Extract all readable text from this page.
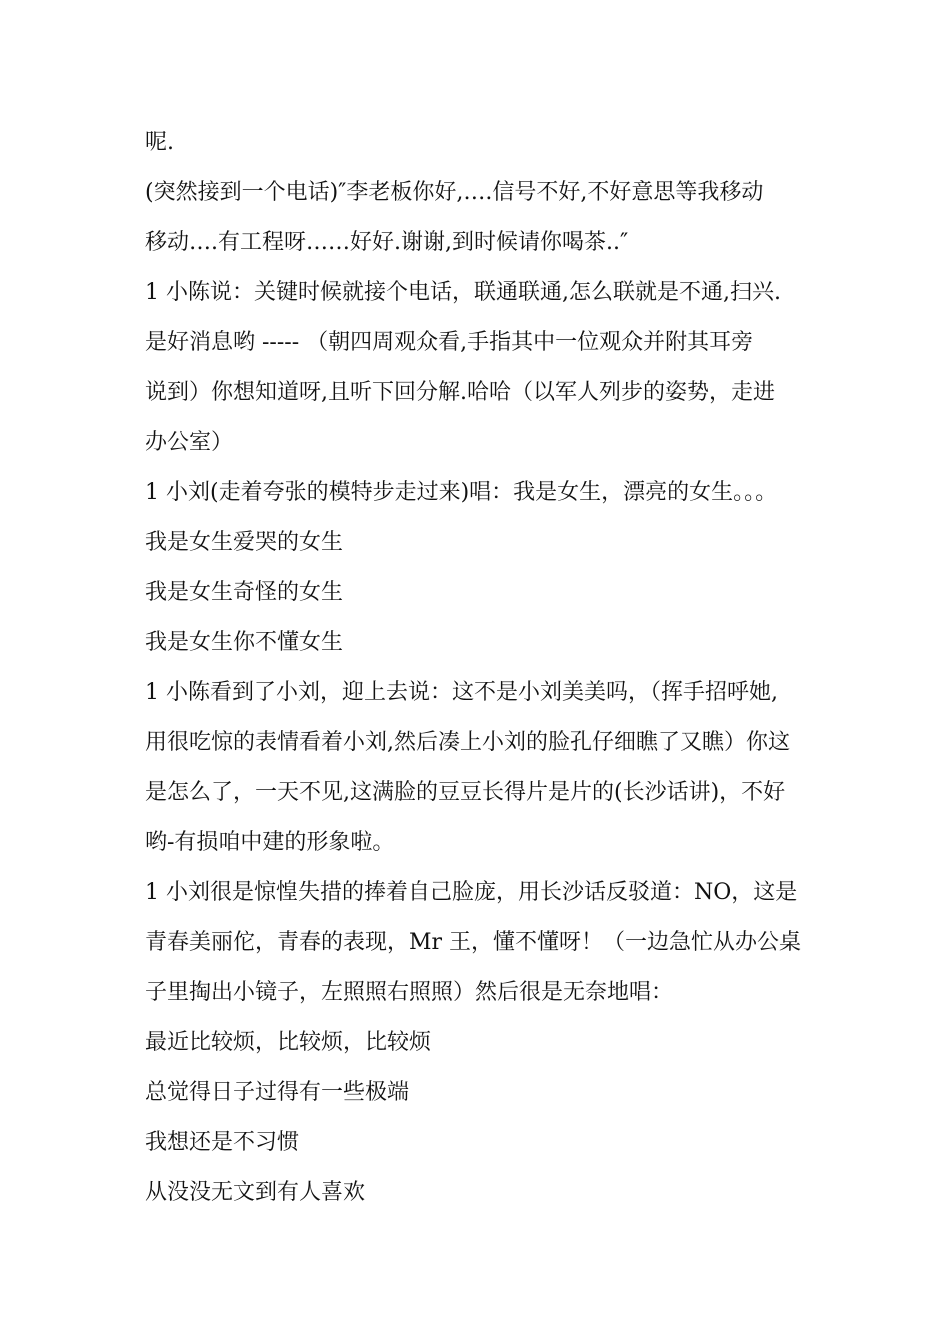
呢.
(突然接到一个电话)″李老板你好,….信号不好,不好意思等我移动
移动….有工程呀……好好.谢谢,到时候请你喝茶..″
1 小陈说：关键时候就接个电话，联通联通,怎么联就是不通,扫兴.
是好消息哟 ----- （朝四周观众看,手指其中一位观众并附其耳旁
说到）你想知道呀,且听下回分解.哈哈（以军人列步的姿势，走进
办公室）
1 小刘(走着夸张的模特步走过来)唱：我是女生，漂亮的女生。。。
我是女生爱哭的女生
我是女生奇怪的女生
我是女生你不懂女生
1 小陈看到了小刘，迎上去说：这不是小刘美美吗，（挥手招呼她,
用很吃惊的表情看着小刘,然后凑上小刘的脸孔仔细瞧了又瞧）你这
是怎么了，一天不见,这满脸的豆豆长得片是片的(长沙话讲)，不好
哟-有损咱中建的形象啦。
1 小刘很是惊惶失措的捧着自己脸庞，用长沙话反驳道：NO，这是
青春美丽佗，青春的表现，Mr 王，懂不懂呀！（一边急忙从办公桌
子里掏出小镜子，左照照右照照）然后很是无奈地唱：
最近比较烦，比较烦，比较烦
总觉得日子过得有一些极端
我想还是不习惯
从没没无文到有人喜欢
